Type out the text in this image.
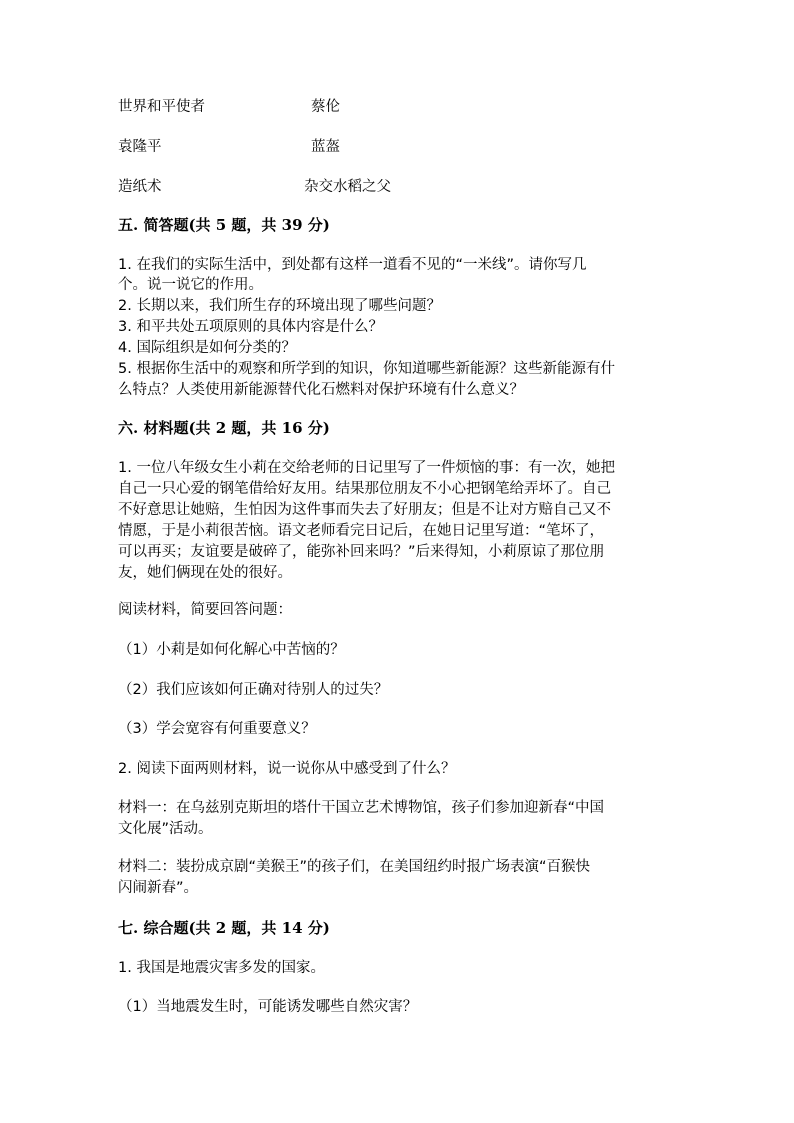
世界和平使者	蔡伦
袁隆平	蓝盔
造纸术	杂交水稻之父
五. 简答题(共 5 题，共 39 分)
1. 在我们的实际生活中，到处都有这样一道看不见的“一米线”。请你写几
个。说一说它的作用。
2. 长期以来，我们所生存的环境出现了哪些问题？
3. 和平共处五项原则的具体内容是什么？
4. 国际组织是如何分类的？
5. 根据你生活中的观察和所学到的知识，你知道哪些新能源？这些新能源有什
么特点？人类使用新能源替代化石燃料对保护环境有什么意义？
六. 材料题(共 2 题，共 16 分)
1. 一位八年级女生小莉在交给老师的日记里写了一件烦恼的事：有一次，她把
自己一只心爱的钢笔借给好友用。结果那位朋友不小心把钢笔给弄坏了。自己
不好意思让她赔，生怕因为这件事而失去了好朋友；但是不让对方赔自己又不
情愿，于是小莉很苦恼。语文老师看完日记后，在她日记里写道：“笔坏了，
可以再买；友谊要是破碎了，能弥补回来吗？”后来得知，小莉原谅了那位朋
友，她们俩现在处的很好。
阅读材料，简要回答问题：
（1）小莉是如何化解心中苦恼的？
（2）我们应该如何正确对待别人的过失？
（3）学会宽容有何重要意义？
2. 阅读下面两则材料，说一说你从中感受到了什么？
材料一：在乌兹别克斯坦的塔什干国立艺术博物馆，孩子们参加迎新春“中国
文化展”活动。
材料二：装扮成京剧“美猴王”的孩子们，在美国纽约时报广场表演“百猴快
闪闹新春”。
七. 综合题(共 2 题，共 14 分)
1. 我国是地震灾害多发的国家。
（1）当地震发生时，可能诱发哪些自然灾害？
